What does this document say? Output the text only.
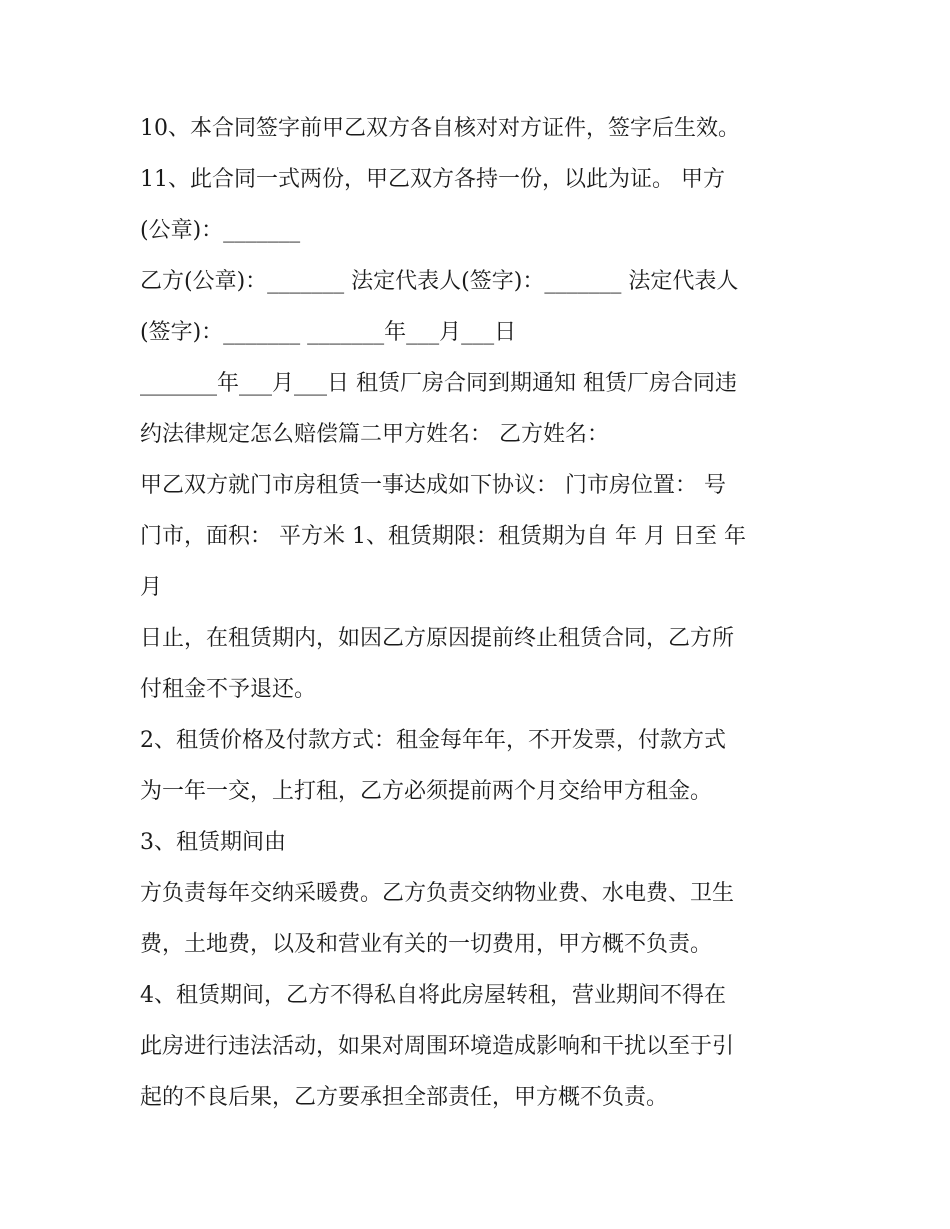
10、本合同签字前甲乙双方各自核对对方证件，签字后生效。
11、此合同一式两份，甲乙双方各持一份，以此为证。 甲方
(公章)：_______
乙方(公章)：_______ 法定代表人(签字)：_______ 法定代表人
(签字)：_______ _______年___月___日
_______年___月___日 租赁厂房合同到期通知 租赁厂房合同违
约法律规定怎么赔偿篇二甲方姓名： 乙方姓名：
甲乙双方就门市房租赁一事达成如下协议： 门市房位置： 号
门市，面积： 平方米 1、租赁期限：租赁期为自 年 月 日至 年
月
日止，在租赁期内，如因乙方原因提前终止租赁合同，乙方所
付租金不予退还。
2、租赁价格及付款方式：租金每年年，不开发票，付款方式
为一年一交，上打租，乙方必须提前两个月交给甲方租金。
3、租赁期间由
方负责每年交纳采暖费。乙方负责交纳物业费、水电费、卫生
费，土地费，以及和营业有关的一切费用，甲方概不负责。
4、租赁期间，乙方不得私自将此房屋转租，营业期间不得在
此房进行违法活动，如果对周围环境造成影响和干扰以至于引
起的不良后果，乙方要承担全部责任，甲方概不负责。
